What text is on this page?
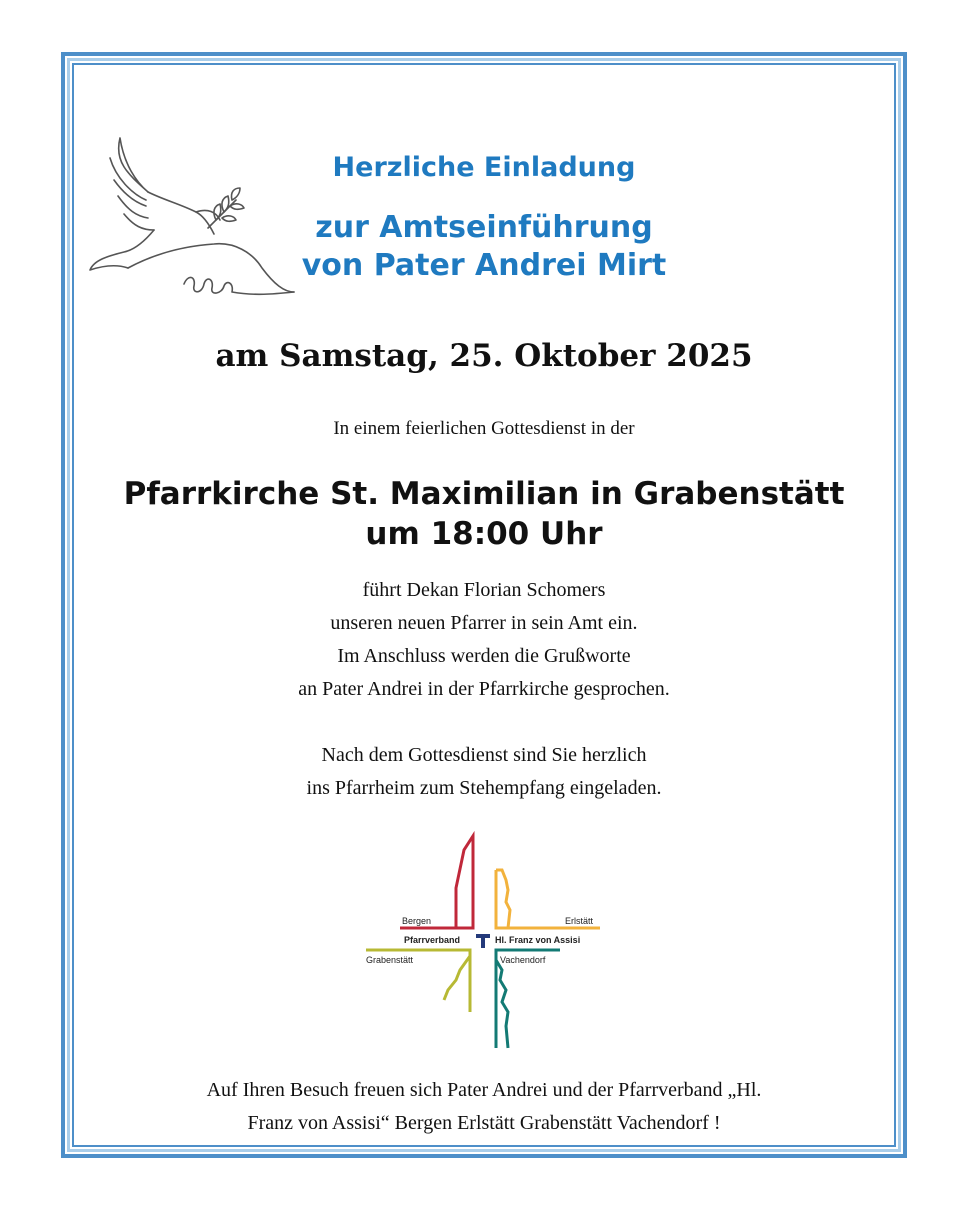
Herzliche Einladung
zur Amtseinführung
von Pater Andrei Mirt
am Samstag, 25. Oktober 2025
In einem feierlichen Gottesdienst in der
Pfarrkirche St. Maximilian in Grabenstätt
um 18:00 Uhr
führt Dekan Florian Schomers
unseren neuen Pfarrer in sein Amt ein.
Im Anschluss werden die Grußworte
an Pater Andrei in der Pfarrkirche gesprochen.
Nach dem Gottesdienst sind Sie herzlich
ins Pfarrheim zum Stehempfang eingeladen.
Bergen	Erlstätt
Pfarrverband	Hl. Franz von Assisi
Grabenstätt	Vachendorf
Auf Ihren Besuch freuen sich Pater Andrei und der Pfarrverband „Hl.
Franz von Assisi“ Bergen Erlstätt Grabenstätt Vachendorf !
